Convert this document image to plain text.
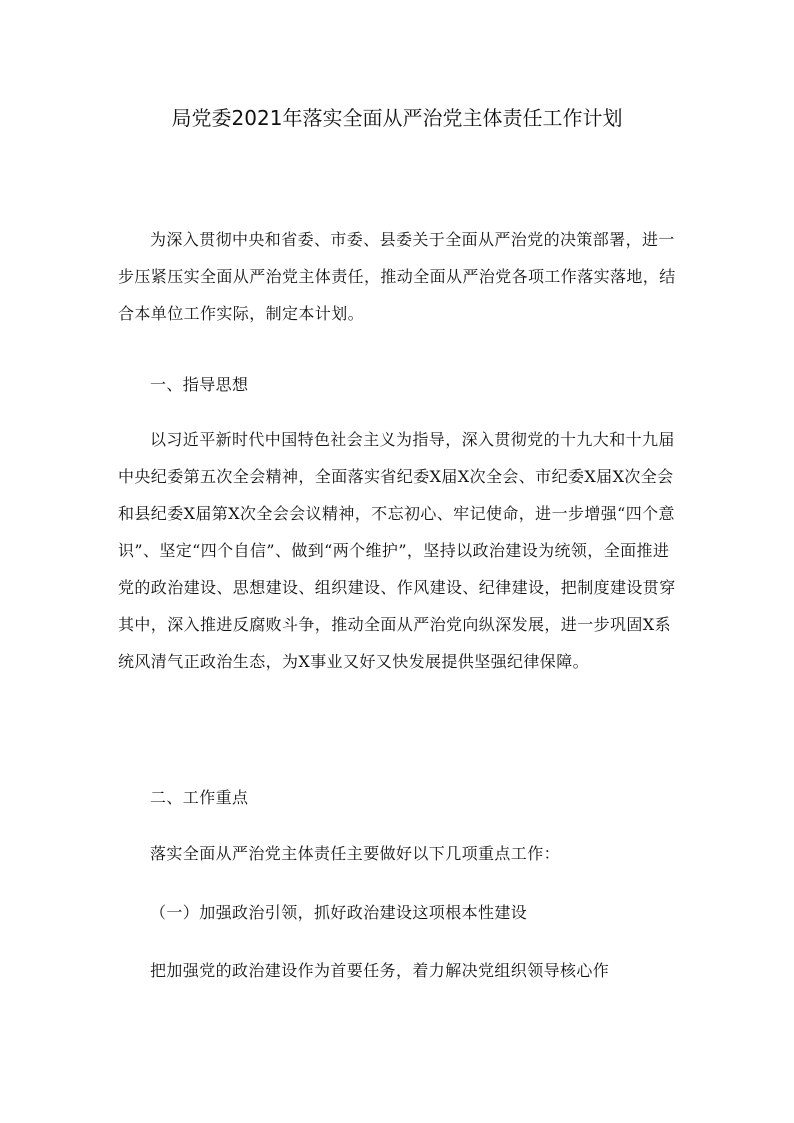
局党委2021年落实全面从严治党主体责任工作计划

为深入贯彻中央和省委、市委、县委关于全面从严治党的决策部署，进一步压紧压实全面从严治党主体责任，推动全面从严治党各项工作落实落地，结合本单位工作实际，制定本计划。

一、指导思想

以习近平新时代中国特色社会主义为指导，深入贯彻党的十九大和十九届中央纪委第五次全会精神，全面落实省纪委X届X次全会、市纪委X届X次全会和县纪委X届第X次全会会议精神，不忘初心、牢记使命，进一步增强“四个意识”、坚定“四个自信”、做到“两个维护”，坚持以政治建设为统领，全面推进党的政治建设、思想建设、组织建设、作风建设、纪律建设，把制度建设贯穿其中，深入推进反腐败斗争，推动全面从严治党向纵深发展，进一步巩固X系统风清气正政治生态，为X事业又好又快发展提供坚强纪律保障。

二、工作重点

落实全面从严治党主体责任主要做好以下几项重点工作：

（一）加强政治引领，抓好政治建设这项根本性建设

把加强党的政治建设作为首要任务，着力解决党组织领导核心作
